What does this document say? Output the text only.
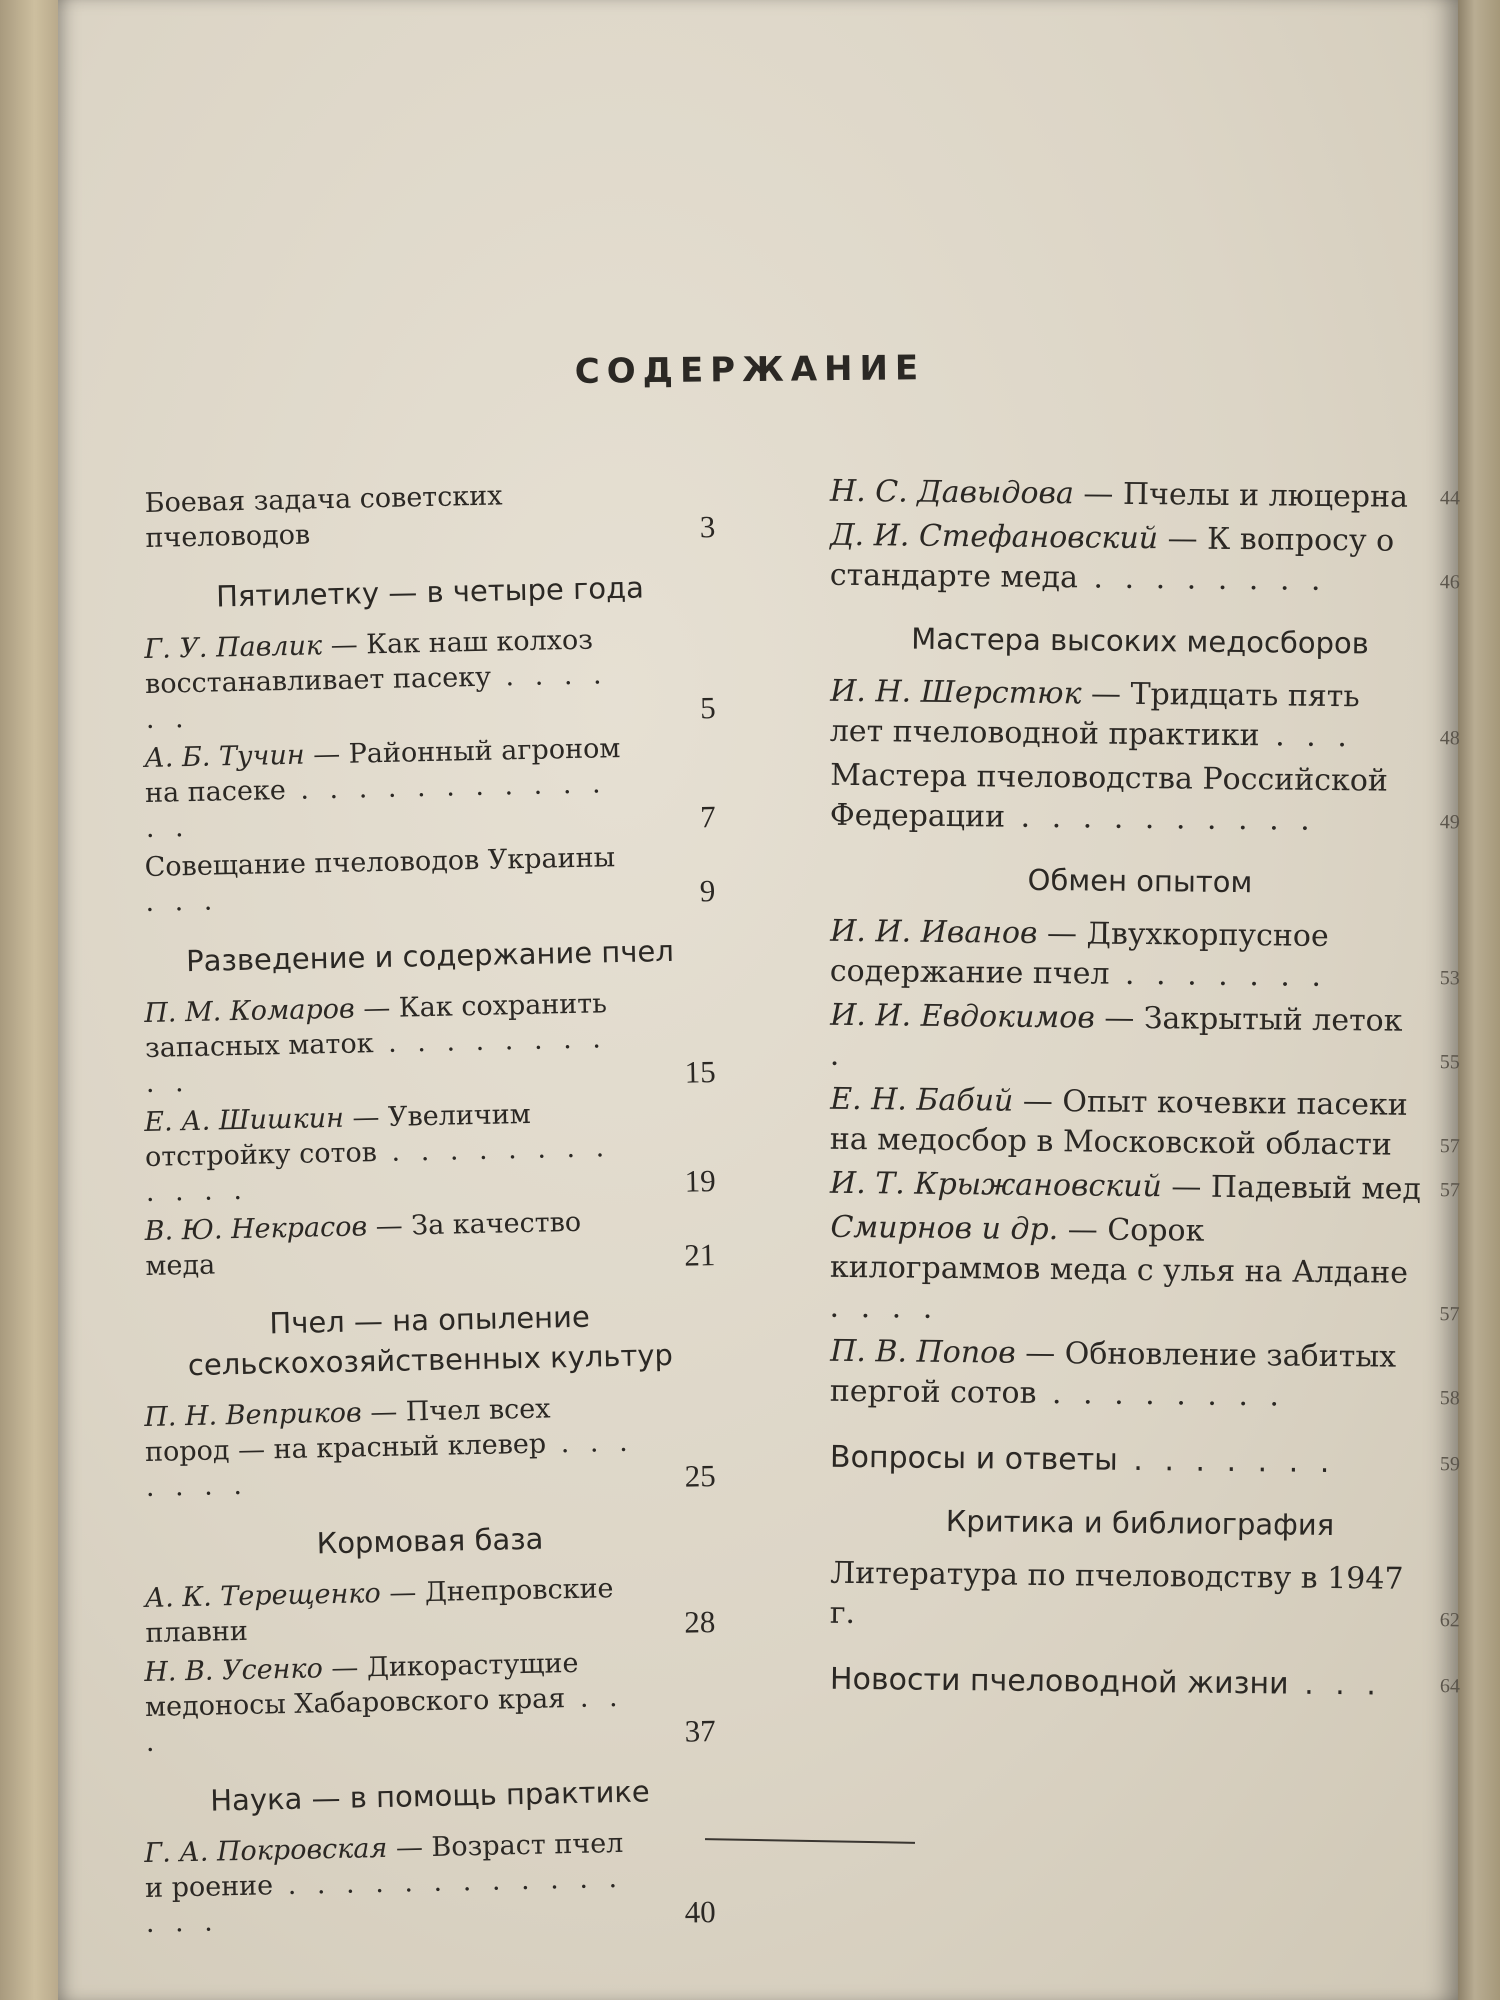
СОДЕРЖАНИЕ
Боевая задача советских пчеловодов	3
Пятилетку — в четыре года
Г. У. Павлик — Как наш колхоз восстанавливает пасеку . . . . . .	5
А. Б. Тучин — Районный агроном на пасеке . . . . . . . . . . . . .	7
Совещание пчеловодов Украины . . .	9
Разведение и содержание пчел
П. М. Комаров — Как сохранить запасных маток . . . . . . . . . .	15
Е. А. Шишкин — Увеличим отстройку сотов . . . . . . . . . . . .	19
В. Ю. Некрасов — За качество меда	21
Пчел — на опыление сельскохозяйственных культур
П. Н. Веприков — Пчел всех пород — на красный клевер . . . . . . .	25
Кормовая база
А. К. Терещенко — Днепровские плавни	28
Н. В. Усенко — Дикорастущие медоносы Хабаровского края . . .	37
Наука — в помощь практике
Г. А. Покровская — Возраст пчел и роение . . . . . . . . . . . . . . .	40
Н. С. Давыдова — Пчелы и люцерна 44
Д. И. Стефановский — К вопросу о стандарте меда . . . . . . . .	46
Мастера высоких медосборов
И. Н. Шерстюк — Тридцать пять лет пчеловодной практики . . .	48
Мастера пчеловодства Российской Федерации . . . . . . . . . .	49
Обмен опытом
И. И. Иванов — Двухкорпусное содержание пчел . . . . . . .	53
И. И. Евдокимов — Закрытый леток .	55
Е. Н. Бабий — Опыт кочевки пасеки на медосбор в Московской области 57
И. Т. Крыжановский — Падевый мед 57
Смирнов и др. — Сорок килограммов меда с улья на Алдане . . . .	57
П. В. Попов — Обновление забитых пергой сотов . . . . . . . .	58
Вопросы и ответы . . . . . . .	59
Критика и библиография
Литература по пчеловодству в 1947 г.	62
Новости пчеловодной жизни . . .	64
